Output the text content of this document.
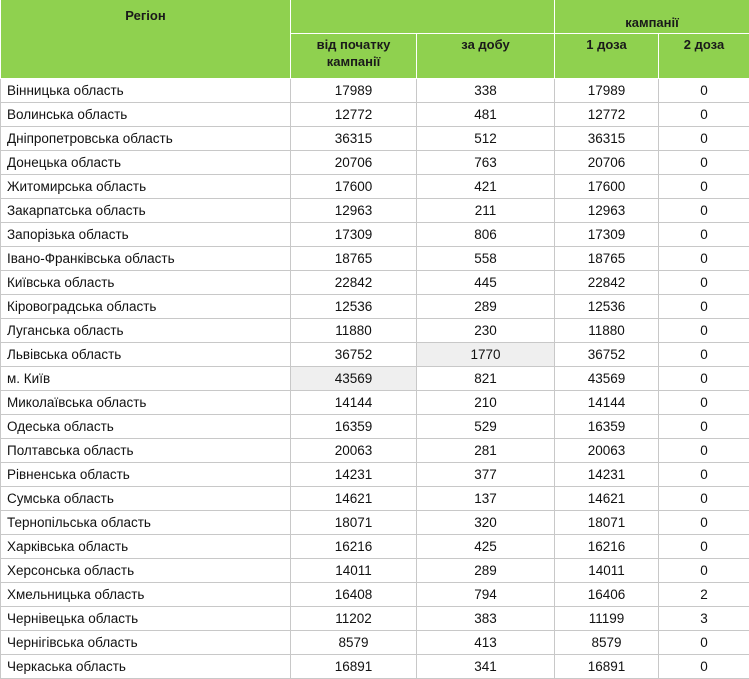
Регіон			кампанії	

	від початку кампанії	за добу	1 доза	2 доза
Вінницька область	17989	338	17989	0
Волинська область	12772	481	12772	0
Дніпропетровська область	36315	512	36315	0
Донецька область	20706	763	20706	0
Житомирська область	17600	421	17600	0
Закарпатська область	12963	211	12963	0
Запорізька область	17309	806	17309	0
Івано-Франківська область	18765	558	18765	0
Київська область	22842	445	22842	0
Кіровоградська область	12536	289	12536	0
Луганська область	11880	230	11880	0
Львівська область	36752	1770	36752	0
м. Київ	43569	821	43569	0
Миколаївська область	14144	210	14144	0
Одеська область	16359	529	16359	0
Полтавська область	20063	281	20063	0
Рівненська область	14231	377	14231	0
Сумська область	14621	137	14621	0
Тернопільська область	18071	320	18071	0
Харківська область	16216	425	16216	0
Херсонська область	14011	289	14011	0
Хмельницька область	16408	794	16406	2
Чернівецька область	11202	383	11199	3
Чернігівська область	8579	413	8579	0
Черкаська область	16891	341	16891	0
